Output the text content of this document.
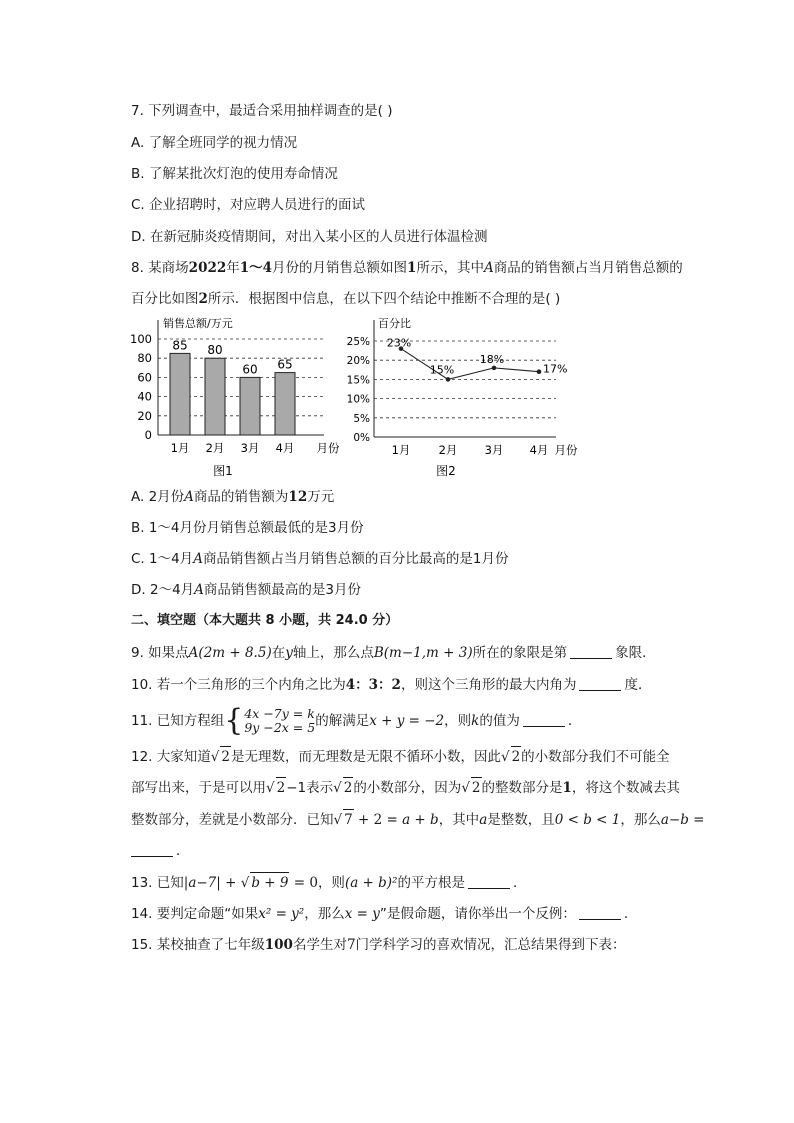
7. 下列调查中，最适合采用抽样调查的是( )
A. 了解全班同学的视力情况
B. 了解某批次灯泡的使用寿命情况
C. 企业招聘时，对应聘人员进行的面试
D. 在新冠肺炎疫情期间，对出入某小区的人员进行体温检测
8. 某商场2022年1～4月份的月销售总额如图1所示，其中A商品的销售额占当月销售总额的
百分比如图2所示．根据图中信息，在以下四个结论中推断不合理的是( )
销售总额/万元
0
20
40
60
80
100 85
1月
80
2月
60
3月
65
4月 月份
图1
百分比
0%
5%
10%
15%
20%
25% 23%
1月
15%
2月
18%
3月
17%
4月 月份
图2
A. 2月份A商品的销售额为12万元
B. 1～4月份月销售总额最低的是3月份
C. 1～4月A商品销售额占当月销售总额的百分比最高的是1月份
D. 2～4月A商品销售额最高的是3月份
二、填空题（本大题共 8 小题，共 24.0 分）
9. 如果点A(2m + 8.5)在y轴上，那么点B(m−1,m + 3)所在的象限是第	象限．
10. 若一个三角形的三个内角之比为4：3：2，则这个三角形的最大内角为	度．
11. 已知方程组 { 4x −7y = k
9y −2x = 5 的解满足x + y = −2，则k的值为	．
12. 大家知道√ 2是无理数，而无理数是无限不循环小数，因此√ 2的小数部分我们不可能全
部写出来，于是可以用√ 2−1表示√ 2的小数部分，因为√ 2的整数部分是1，将这个数减去其
整数部分，差就是小数部分．已知√ 7 + 2 = a + b，其中a是整数，且0 < b < 1，那么a−b =
．
13. 已知|a−7| + √ b + 9 = 0，则(a + b)²的平方根是	．
14. 要判定命题“如果x² = y²，那么x = y”是假命题，请你举出一个反例：	．
15. 某校抽查了七年级100名学生对7门学科学习的喜欢情况，汇总结果得到下表：
